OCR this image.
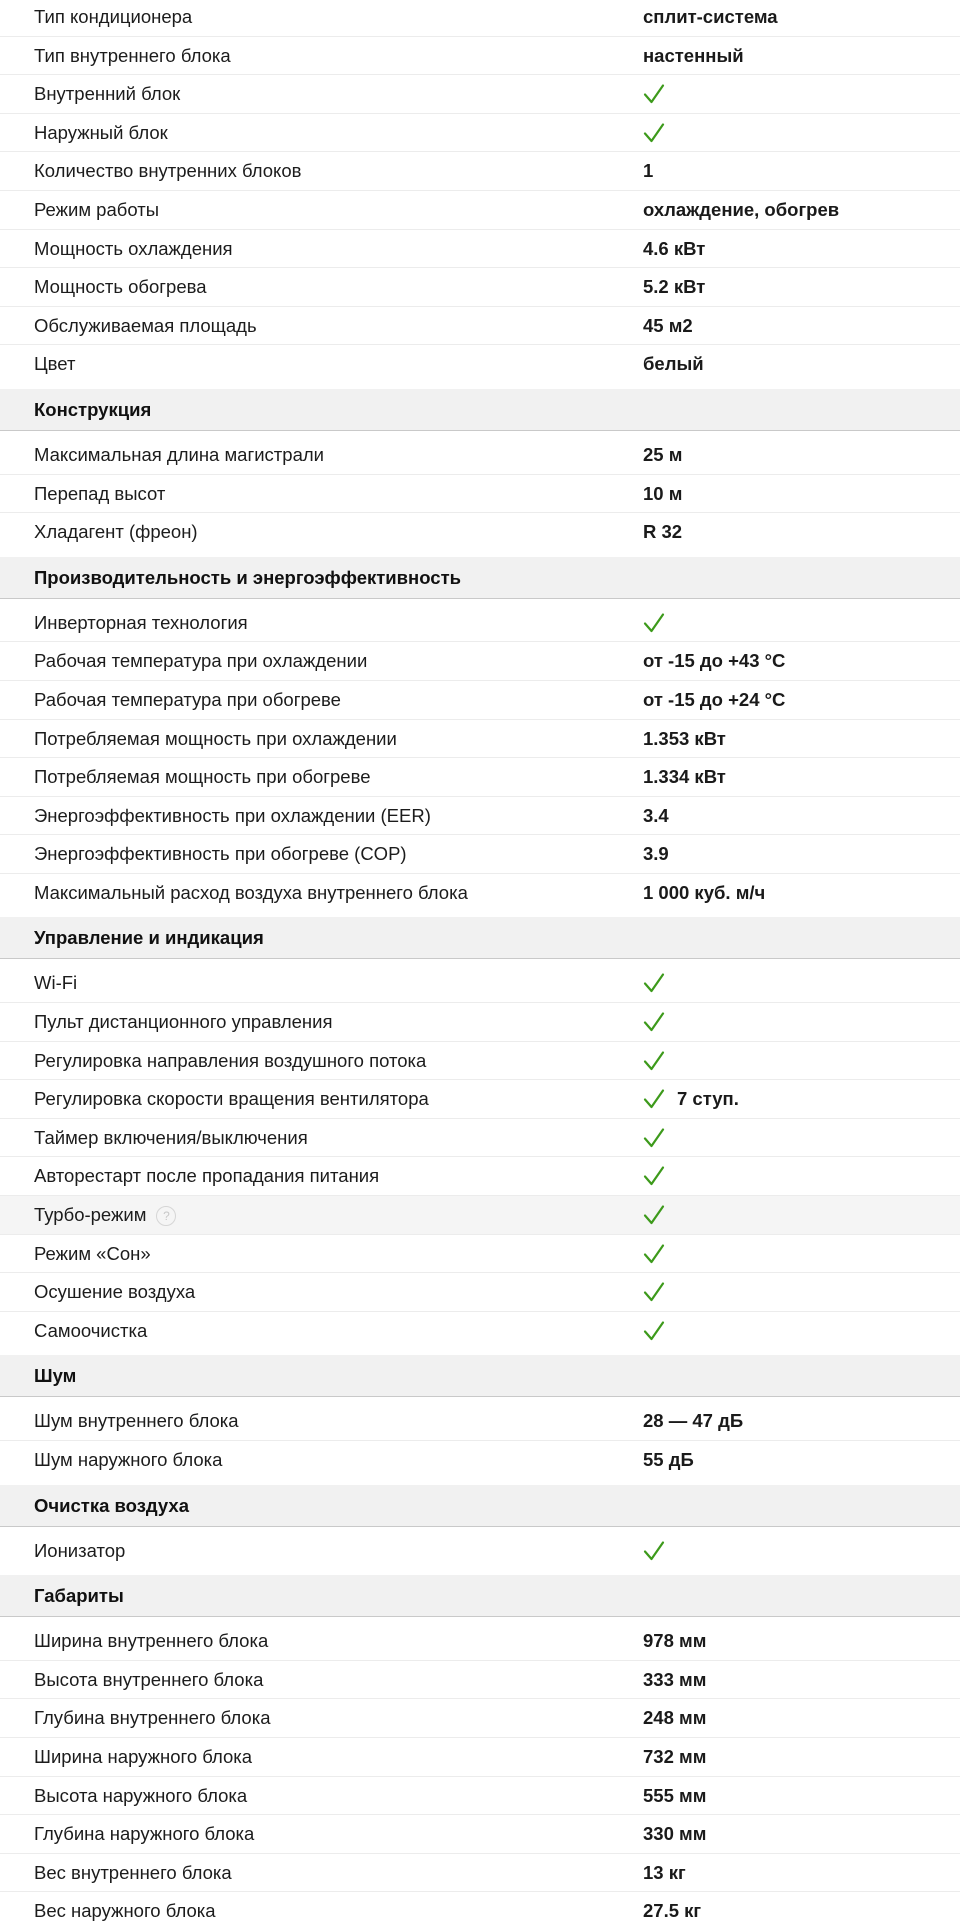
Тип кондиционера	сплит-система
Тип внутреннего блока	настенный
Внутренний блок
Наружный блок
Количество внутренних блоков	1
Режим работы	охлаждение, обогрев
Мощность охлаждения	4.6 кВт
Мощность обогрева	5.2 кВт
Обслуживаемая площадь	45 м2
Цвет	белый
Конструкция
Максимальная длина магистрали	25 м
Перепад высот	10 м
Хладагент (фреон)	R 32
Производительность и энергоэффективность
Инверторная технология
Рабочая температура при охлаждении	от -15 до +43 °C
Рабочая температура при обогреве	от -15 до +24 °C
Потребляемая мощность при охлаждении	1.353 кВт
Потребляемая мощность при обогреве	1.334 кВт
Энергоэффективность при охлаждении (EER)	3.4
Энергоэффективность при обогреве (COP)	3.9
Максимальный расход воздуха внутреннего блока	1 000 куб. м/ч
Управление и индикация
Wi-Fi
Пульт дистанционного управления
Регулировка направления воздушного потока
Регулировка скорости вращения вентилятора	7 ступ.
Таймер включения/выключения
Авторестарт после пропадания питания
Турбо-режим ?
Режим «Сон»
Осушение воздуха
Самоочистка
Шум
Шум внутреннего блока	28 — 47 дБ
Шум наружного блока	55 дБ
Очистка воздуха
Ионизатор
Габариты
Ширина внутреннего блока	978 мм
Высота внутреннего блока	333 мм
Глубина внутреннего блока	248 мм
Ширина наружного блока	732 мм
Высота наружного блока	555 мм
Глубина наружного блока	330 мм
Вес внутреннего блока	13 кг
Вес наружного блока	27.5 кг
